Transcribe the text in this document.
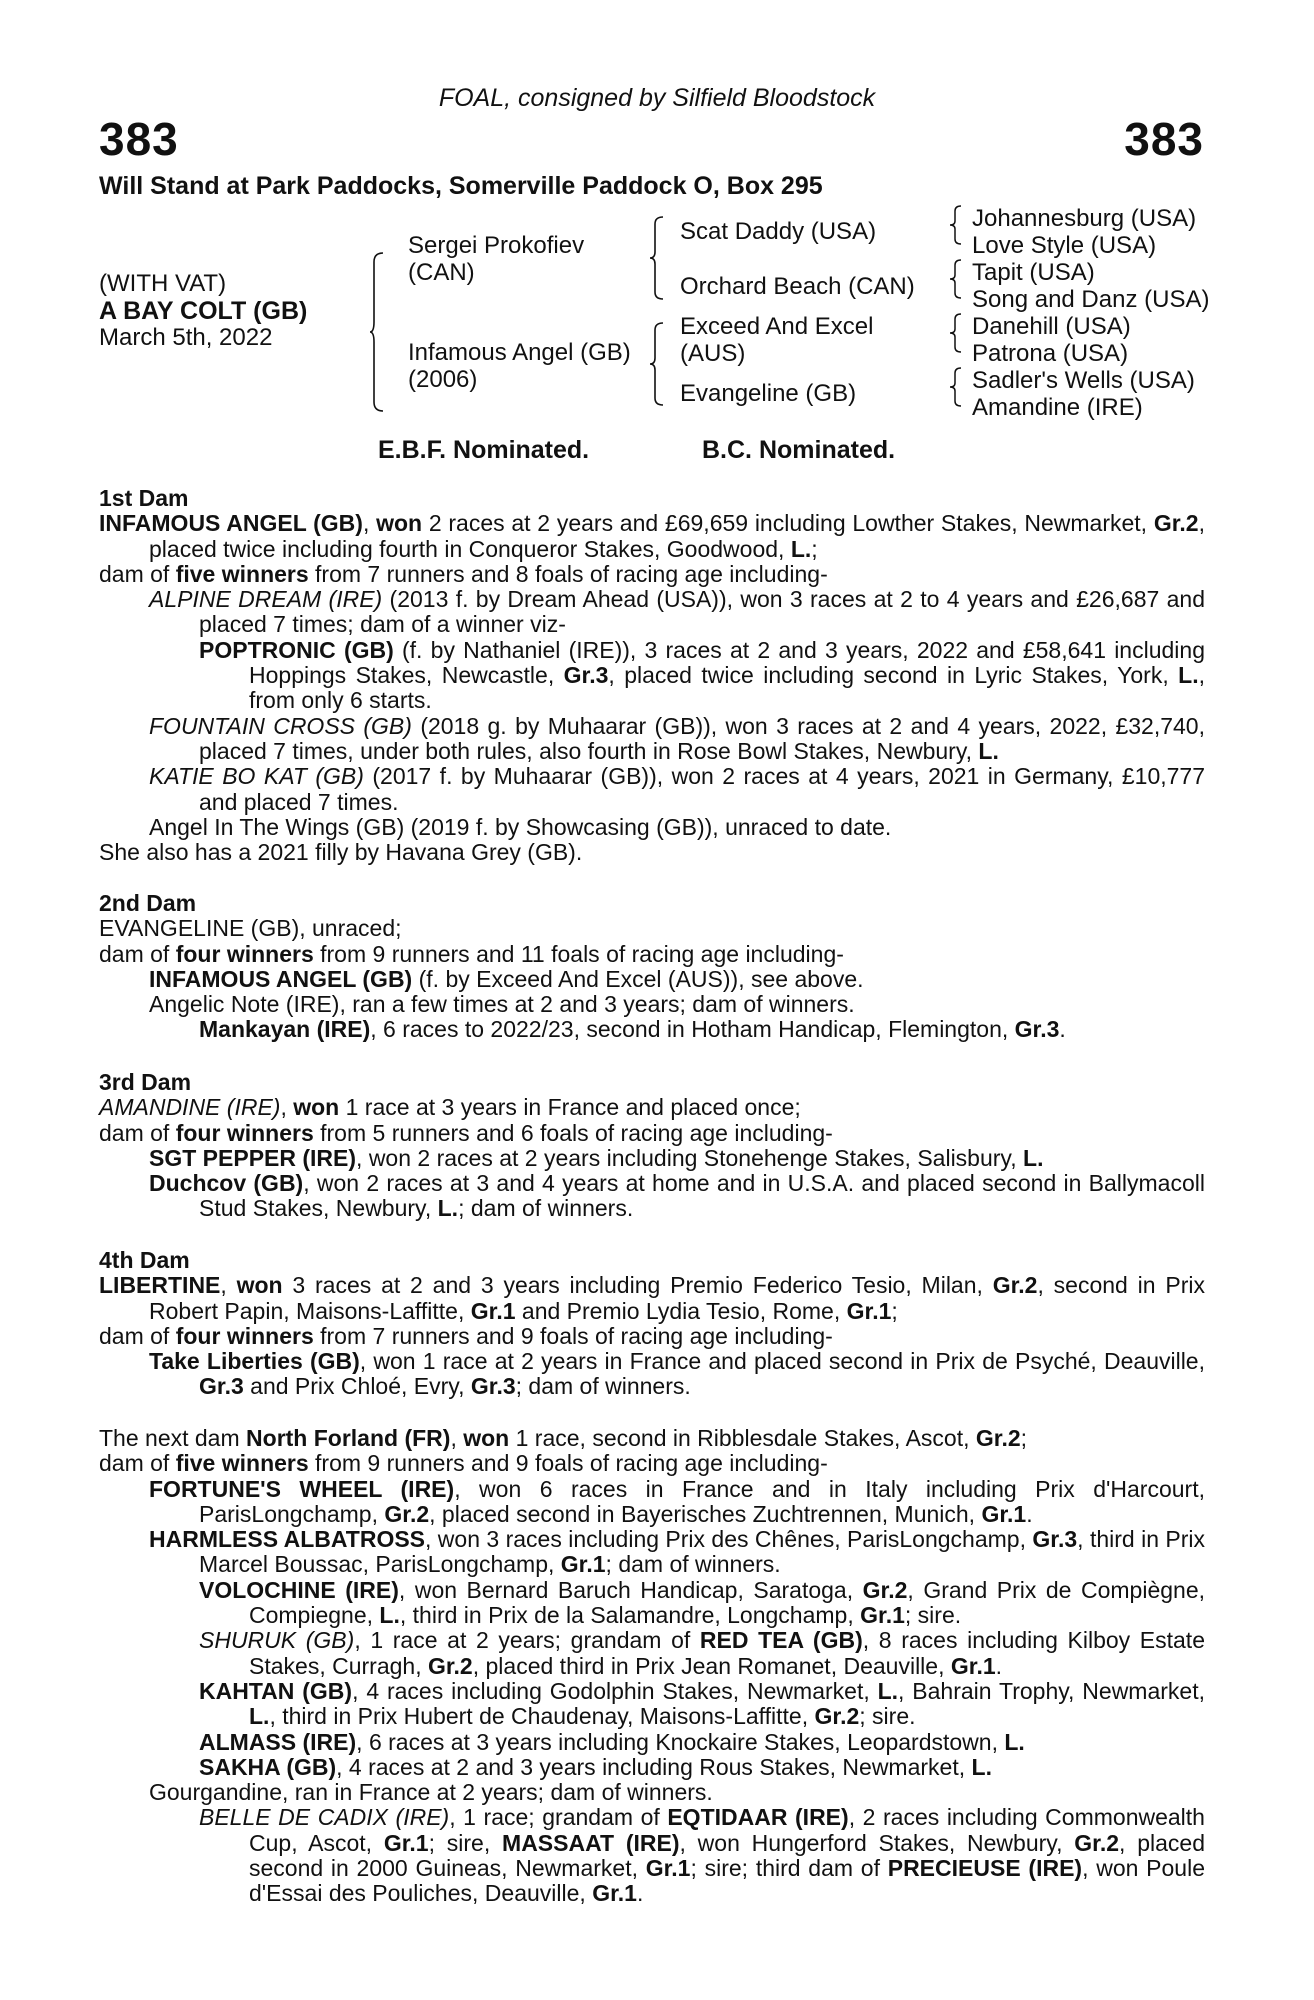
FOAL, consigned by Silfield Bloodstock
383	383
Will Stand at Park Paddocks, Somerville Paddock O, Box 295
(WITH VAT)
A BAY COLT (GB)
March 5th, 2022
Sergei Prokofiev
(CAN)
Infamous Angel (GB)
(2006)
Scat Daddy (USA)
Orchard Beach (CAN)
Exceed And Excel
(AUS)
Evangeline (GB)
Johannesburg (USA)
Love Style (USA)
Tapit (USA)
Song and Danz (USA)
Danehill (USA)
Patrona (USA)
Sadler's Wells (USA)
Amandine (IRE)
E.B.F. Nominated.	B.C. Nominated.

1st Dam

INFAMOUS ANGEL (GB), won 2 races at 2 years and £69,659 including Lowther Stakes, Newmarket, Gr.2, placed twice including fourth in Conqueror Stakes, Goodwood, L.;

dam of five winners from 7 runners and 8 foals of racing age including-

ALPINE DREAM (IRE) (2013 f. by Dream Ahead (USA)), won 3 races at 2 to 4 years and £26,687 and placed 7 times; dam of a winner viz-

POPTRONIC (GB) (f. by Nathaniel (IRE)), 3 races at 2 and 3 years, 2022 and £58,641 including Hoppings Stakes, Newcastle, Gr.3, placed twice including second in Lyric Stakes, York, L., from only 6 starts.

FOUNTAIN CROSS (GB) (2018 g. by Muhaarar (GB)), won 3 races at 2 and 4 years, 2022, £32,740, placed 7 times, under both rules, also fourth in Rose Bowl Stakes, Newbury, L.

KATIE BO KAT (GB) (2017 f. by Muhaarar (GB)), won 2 races at 4 years, 2021 in Germany, £10,777 and placed 7 times.

Angel In The Wings (GB) (2019 f. by Showcasing (GB)), unraced to date.

She also has a 2021 filly by Havana Grey (GB).

2nd Dam

EVANGELINE (GB), unraced;

dam of four winners from 9 runners and 11 foals of racing age including-

INFAMOUS ANGEL (GB) (f. by Exceed And Excel (AUS)), see above.

Angelic Note (IRE), ran a few times at 2 and 3 years; dam of winners.

Mankayan (IRE), 6 races to 2022/23, second in Hotham Handicap, Flemington, Gr.3.

3rd Dam

AMANDINE (IRE), won 1 race at 3 years in France and placed once;

dam of four winners from 5 runners and 6 foals of racing age including-

SGT PEPPER (IRE), won 2 races at 2 years including Stonehenge Stakes, Salisbury, L.

Duchcov (GB), won 2 races at 3 and 4 years at home and in U.S.A. and placed second in Ballymacoll Stud Stakes, Newbury, L.; dam of winners.

4th Dam

LIBERTINE, won 3 races at 2 and 3 years including Premio Federico Tesio, Milan, Gr.2, second in Prix Robert Papin, Maisons-Laffitte, Gr.1 and Premio Lydia Tesio, Rome, Gr.1;

dam of four winners from 7 runners and 9 foals of racing age including-

Take Liberties (GB), won 1 race at 2 years in France and placed second in Prix de Psyché, Deauville, Gr.3 and Prix Chloé, Evry, Gr.3; dam of winners.

The next dam North Forland (FR), won 1 race, second in Ribblesdale Stakes, Ascot, Gr.2;

dam of five winners from 9 runners and 9 foals of racing age including-

FORTUNE'S WHEEL (IRE), won 6 races in France and in Italy including Prix d'Harcourt, ParisLongchamp, Gr.2, placed second in Bayerisches Zuchtrennen, Munich, Gr.1.

HARMLESS ALBATROSS, won 3 races including Prix des Chênes, ParisLongchamp, Gr.3, third in Prix Marcel Boussac, ParisLongchamp, Gr.1; dam of winners.

VOLOCHINE (IRE), won Bernard Baruch Handicap, Saratoga, Gr.2, Grand Prix de Compiègne, Compiegne, L., third in Prix de la Salamandre, Longchamp, Gr.1; sire.

SHURUK (GB), 1 race at 2 years; grandam of RED TEA (GB), 8 races including Kilboy Estate Stakes, Curragh, Gr.2, placed third in Prix Jean Romanet, Deauville, Gr.1.

KAHTAN (GB), 4 races including Godolphin Stakes, Newmarket, L., Bahrain Trophy, Newmarket, L., third in Prix Hubert de Chaudenay, Maisons-Laffitte, Gr.2; sire.

ALMASS (IRE), 6 races at 3 years including Knockaire Stakes, Leopardstown, L.

SAKHA (GB), 4 races at 2 and 3 years including Rous Stakes, Newmarket, L.

Gourgandine, ran in France at 2 years; dam of winners.

BELLE DE CADIX (IRE), 1 race; grandam of EQTIDAAR (IRE), 2 races including Commonwealth Cup, Ascot, Gr.1; sire, MASSAAT (IRE), won Hungerford Stakes, Newbury, Gr.2, placed second in 2000 Guineas, Newmarket, Gr.1; sire; third dam of PRECIEUSE (IRE), won Poule d'Essai des Pouliches, Deauville, Gr.1.
